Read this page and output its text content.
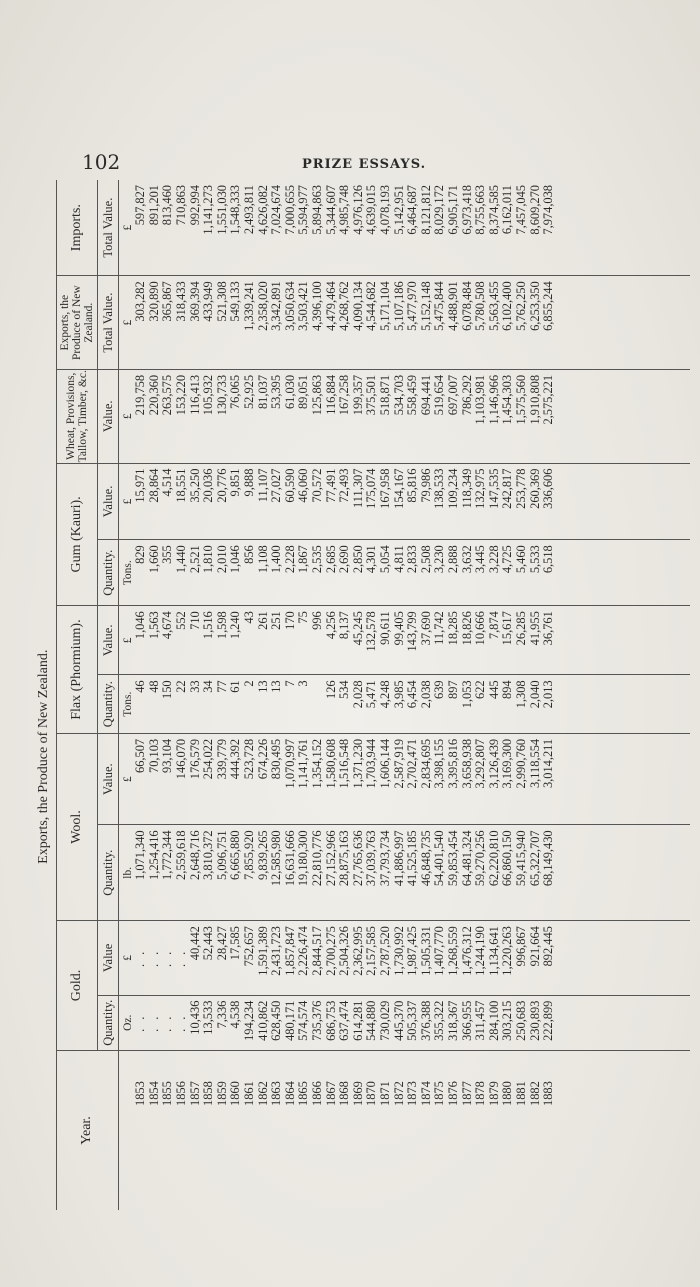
102	PRIZE ESSAYS.
	Exports, the Produce of New Zealand.										
Year.	Gold.		Wool.		Flax (Phormium).		Gum (Kauri).		Wheat, Provisions, Tallow, Timber, &c.	Exports, the Produce of New Zealand.	Imports.
	Quantity.	Value	Quantity.	Value.	Quantity.	Value.	Quantity.	Value.	Value.	Total Value.	Total Value.
	Oz.	£	lb.	£	Tons.	£	Tons.	£	£	£	£
1853	. .	. .	1,071,340	66,507	46	1,046	829	15,971	219,758	303,282	597,827
1854	. .	. .	1,254,416	70,103	48	1,563	1,660	28,864	220,360	320,890	891,201
1855	. .	. .	1,772,344	93,104	150	4,674	355	4,514	263,575	365,867	813,460
1856	. .	. .	2,559,618	146,070	22	552	1,440	18,551	153,220	318,433	710,863
1857	10,436	40,442	2,648,716	176,579	33	710	2,521	35,250	116,413	369,394	992,994
1858	13,533	52,443	3,810,372	254,022	34	1,516	1,810	20,036	105,932	433,949	1,141,273
1859	7,336	28,427	5,096,751	339,779	77	1,598	2,010	20,776	130,733	521,308	1,551,030
1860	4,538	17,585	6,665,880	444,392	61	1,240	1,046	9,851	76,065	549,133	1,548,333
1861	194,234	752,657	7,855,920	523,728	2	43	856	9,888	52,925	1,339,241	2,493,811
1862	410,862	1,591,389	9,839,265	674,226	13	261	1,108	11,107	81,037	2,358,020	4,626,082
1863	628,450	2,431,723	12,585,980	830,495	13	251	1,400	27,027	53,395	3,342,891	7,024,674
1864	480,171	1,857,847	16,631,666	1,070,997	7	170	2,228	60,590	61,030	3,050,634	7,000,655
1865	574,574	2,226,474	19,180,300	1,141,761	3	75	1,867	46,060	89,051	3,503,421	5,594,977
1866	735,376	2,844,517	22,810,776	1,354,152		996	2,535	70,572	125,863	4,396,100	5,894,863
1867	686,753	2,700,275	27,152,966	1,580,608	126	4,256	2,685	77,491	116,884	4,479,464	5,344,607
1868	637,474	2,504,326	28,875,163	1,516,548	534	8,137	2,690	72,493	167,258	4,268,762	4,985,748
1869	614,281	2,362,995	27,765,636	1,371,230	2,028	45,245	2,850	111,307	199,357	4,090,134	4,976,126
1870	544,880	2,157,585	37,039,763	1,703,944	5,471	132,578	4,301	175,074	375,501	4,544,682	4,639,015
1871	730,029	2,787,520	37,793,734	1,606,144	4,248	90,611	5,054	167,958	518,871	5,171,104	4,078,193
1872	445,370	1,730,992	41,886,997	2,587,919	3,985	99,405	4,811	154,167	534,703	5,107,186	5,142,951
1873	505,337	1,987,425	41,525,185	2,702,471	6,454	143,799	2,833	85,816	558,459	5,477,970	6,464,687
1874	376,388	1,505,331	46,848,735	2,834,695	2,038	37,690	2,508	79,986	694,441	5,152,148	8,121,812
1875	355,322	1,407,770	54,401,540	3,398,155	639	11,742	3,230	138,533	519,654	5,475,844	8,029,172
1876	318,367	1,268,559	59,853,454	3,395,816	897	18,285	2,888	109,234	697,007	4,488,901	6,905,171
1877	366,955	1,476,312	64,481,324	3,658,938	1,053	18,826	3,632	118,349	786,292	6,078,484	6,973,418
1878	311,457	1,244,190	59,270,256	3,292,807	622	10,666	3,445	132,975	1,103,981	5,780,508	8,755,663
1879	284,100	1,134,641	62,220,810	3,126,439	445	7,874	3,228	147,535	1,146,966	5,563,455	8,374,585
1880	303,215	1,220,263	66,860,150	3,169,300	894	15,617	4,725	242,817	1,454,303	6,102,400	6,162,011
1881	250,683	996,867	59,415,940	2,990,760	1,308	26,285	5,460	253,778	1,575,560	5,762,250	7,457,045
1882	230,893	921,664	65,322,707	3,118,554	2,040	41,955	5,533	260,369	1,910,808	6,253,350	8,609,270
1883	222,899	892,445	68,149,430	3,014,211	2,013	36,761	6,518	336,606	2,575,221	6,855,244	7,974,038
